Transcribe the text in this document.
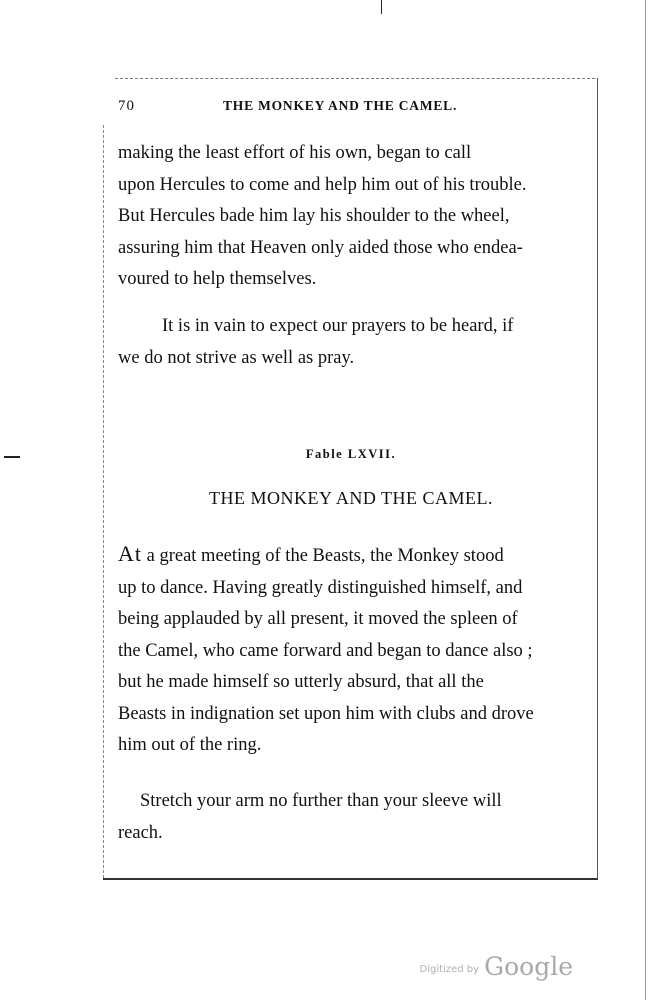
70	THE MONKEY AND THE CAMEL.
making the least effort of his own, began to call
upon Hercules to come and help him out of his trouble.
But Hercules bade him lay his shoulder to the wheel,
assuring him that Heaven only aided those who endea-
voured to help themselves.
It is in vain to expect our prayers to be heard, if
we do not strive as well as pray.
Fable LXVII.
THE MONKEY AND THE CAMEL.
At a great meeting of the Beasts, the Monkey stood
up to dance. Having greatly distinguished himself, and
being applauded by all present, it moved the spleen of
the Camel, who came forward and began to dance also ;
but he made himself so utterly absurd, that all the
Beasts in indignation set upon him with clubs and drove
him out of the ring.
Stretch your arm no further than your sleeve will
reach.
Digitized by Google
